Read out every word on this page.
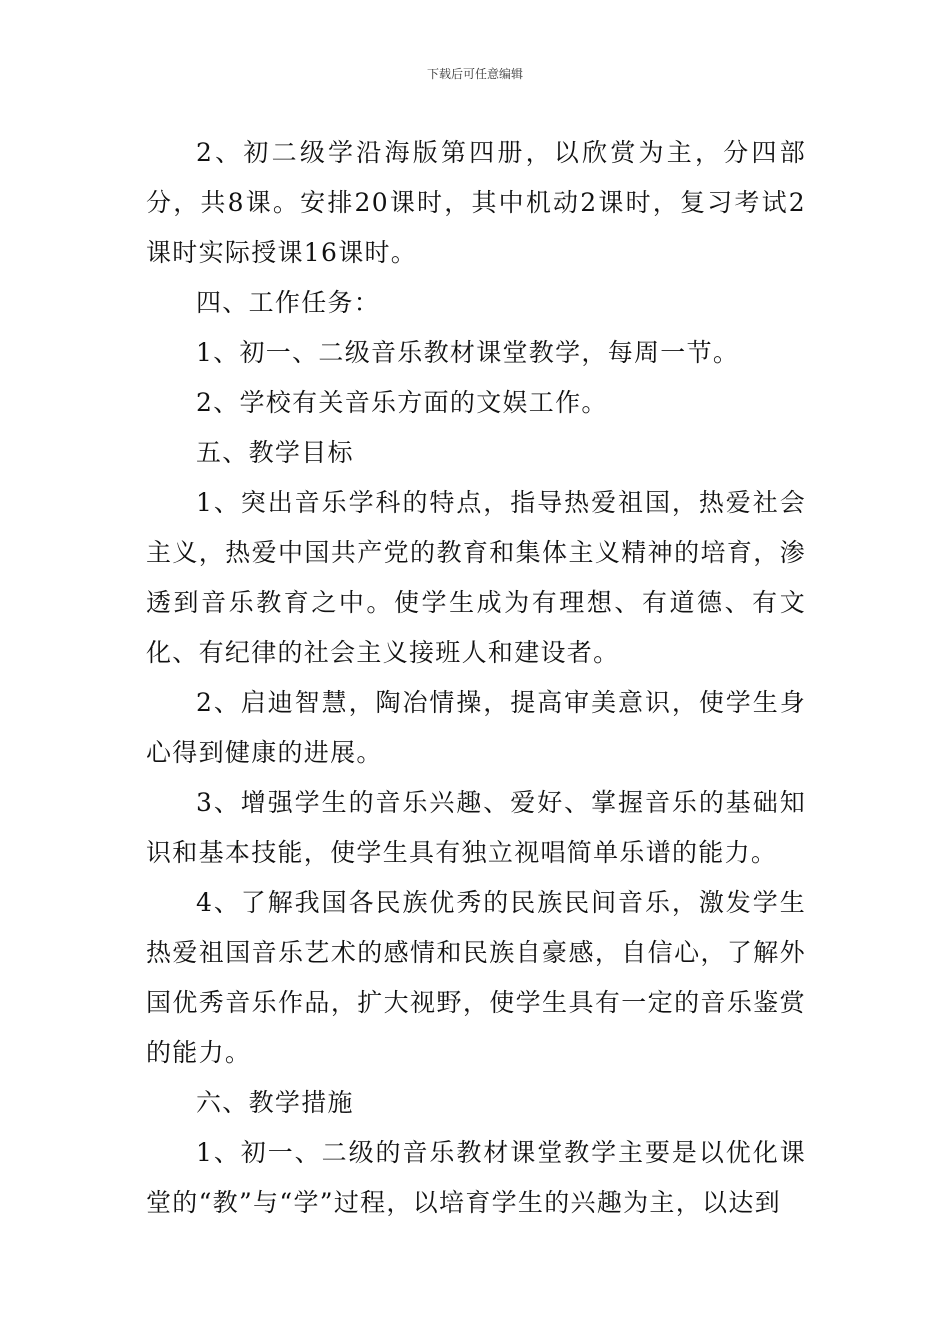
下载后可任意编辑

2、初二级学沿海版第四册，以欣赏为主，分四部分，共8课。安排20课时，其中机动2课时，复习考试2课时实际授课16课时。

四、工作任务：

1、初一、二级音乐教材课堂教学，每周一节。

2、学校有关音乐方面的文娱工作。

五、教学目标

1、突出音乐学科的特点，指导热爱祖国，热爱社会主义，热爱中国共产党的教育和集体主义精神的培育，渗透到音乐教育之中。使学生成为有理想、有道德、有文化、有纪律的社会主义接班人和建设者。

2、启迪智慧，陶冶情操，提高审美意识，使学生身心得到健康的进展。

3、增强学生的音乐兴趣、爱好、掌握音乐的基础知识和基本技能，使学生具有独立视唱简单乐谱的能力。

4、了解我国各民族优秀的民族民间音乐，激发学生热爱祖国音乐艺术的感情和民族自豪感，自信心，了解外国优秀音乐作品，扩大视野，使学生具有一定的音乐鉴赏的能力。

六、教学措施

1、初一、二级的音乐教材课堂教学主要是以优化课堂的“教”与“学”过程，以培育学生的兴趣为主，以达到
